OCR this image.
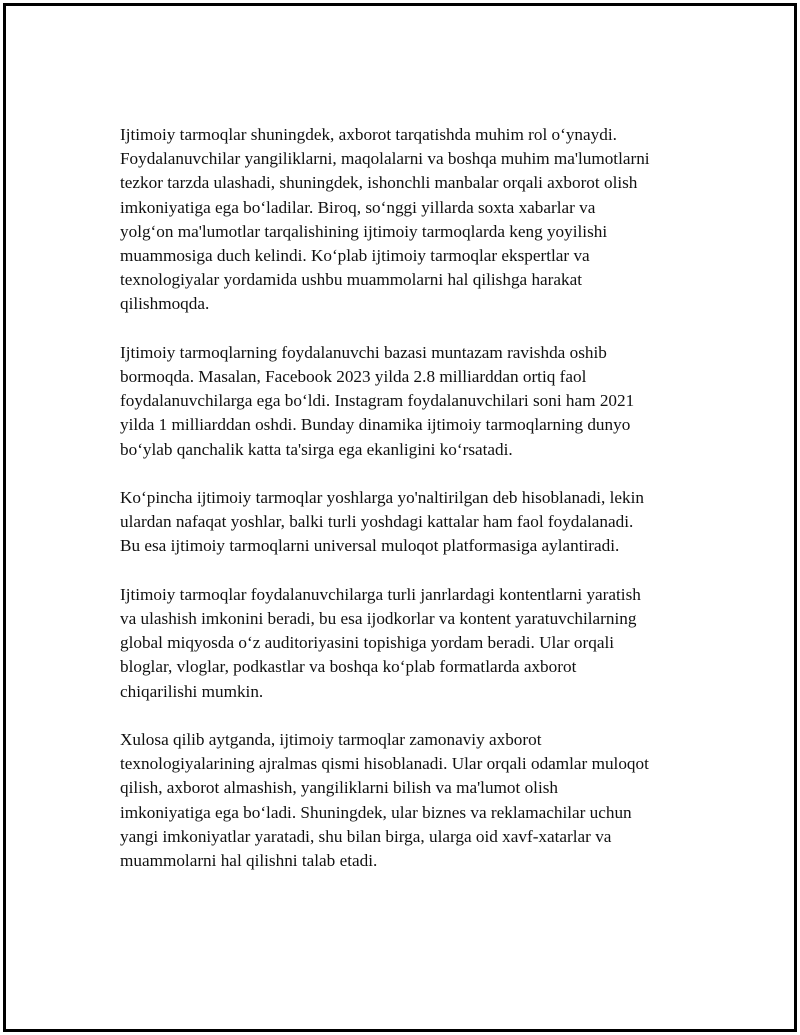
Ijtimoiy tarmoqlar shuningdek, axborot tarqatishda muhim rol oʻynaydi.
Foydalanuvchilar yangiliklarni, maqolalarni va boshqa muhim ma'lumotlarni
tezkor tarzda ulashadi, shuningdek, ishonchli manbalar orqali axborot olish
imkoniyatiga ega boʻladilar. Biroq, soʻnggi yillarda soxta xabarlar va
yolgʻon ma'lumotlar tarqalishining ijtimoiy tarmoqlarda keng yoyilishi
muammosiga duch kelindi. Koʻplab ijtimoiy tarmoqlar ekspertlar va
texnologiyalar yordamida ushbu muammolarni hal qilishga harakat
qilishmoqda.

Ijtimoiy tarmoqlarning foydalanuvchi bazasi muntazam ravishda oshib
bormoqda. Masalan, Facebook 2023 yilda 2.8 milliarddan ortiq faol
foydalanuvchilarga ega boʻldi. Instagram foydalanuvchilari soni ham 2021
yilda 1 milliarddan oshdi. Bunday dinamika ijtimoiy tarmoqlarning dunyo
boʻylab qanchalik katta ta'sirga ega ekanligini koʻrsatadi.

Koʻpincha ijtimoiy tarmoqlar yoshlarga yo'naltirilgan deb hisoblanadi, lekin
ulardan nafaqat yoshlar, balki turli yoshdagi kattalar ham faol foydalanadi.
Bu esa ijtimoiy tarmoqlarni universal muloqot platformasiga aylantiradi.

Ijtimoiy tarmoqlar foydalanuvchilarga turli janrlardagi kontentlarni yaratish
va ulashish imkonini beradi, bu esa ijodkorlar va kontent yaratuvchilarning
global miqyosda oʻz auditoriyasini topishiga yordam beradi. Ular orqali
bloglar, vloglar, podkastlar va boshqa koʻplab formatlarda axborot
chiqarilishi mumkin.

Xulosa qilib aytganda, ijtimoiy tarmoqlar zamonaviy axborot
texnologiyalarining ajralmas qismi hisoblanadi. Ular orqali odamlar muloqot
qilish, axborot almashish, yangiliklarni bilish va ma'lumot olish
imkoniyatiga ega boʻladi. Shuningdek, ular biznes va reklamachilar uchun
yangi imkoniyatlar yaratadi, shu bilan birga, ularga oid xavf-xatarlar va
muammolarni hal qilishni talab etadi.
